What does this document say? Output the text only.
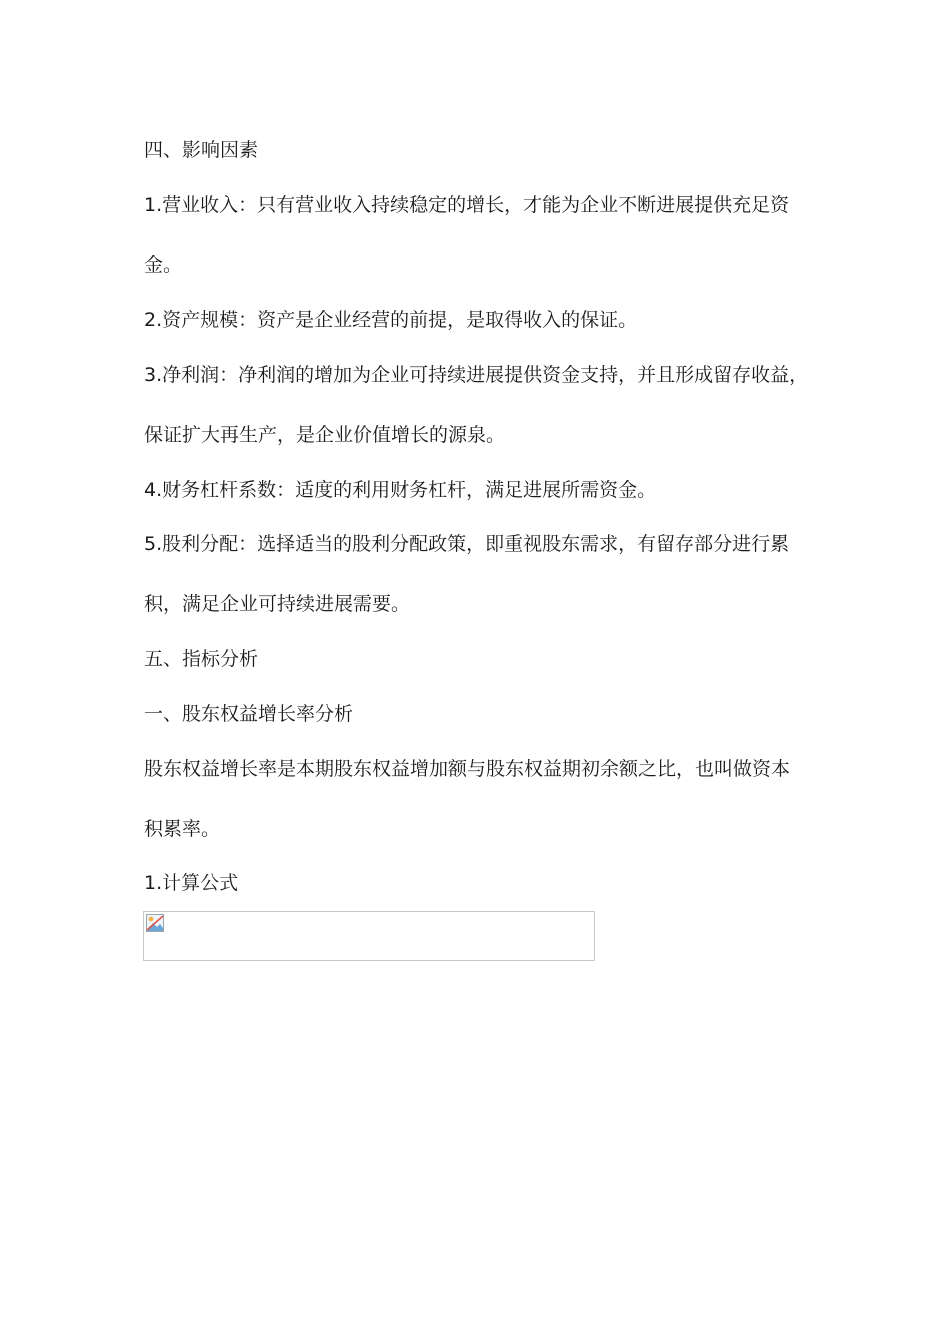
四、影响因素
1.营业收入：只有营业收入持续稳定的增长，才能为企业不断进展提供充足资
金。
2.资产规模：资产是企业经营的前提，是取得收入的保证。
3.净利润：净利润的增加为企业可持续进展提供资金支持，并且形成留存收益，
保证扩大再生产，是企业价值增长的源泉。
4.财务杠杆系数：适度的利用财务杠杆，满足进展所需资金。
5.股利分配：选择适当的股利分配政策，即重视股东需求，有留存部分进行累
积，满足企业可持续进展需要。
五、指标分析
一、股东权益增长率分析
股东权益增长率是本期股东权益增加额与股东权益期初余额之比，也叫做资本
积累率。
1.计算公式
